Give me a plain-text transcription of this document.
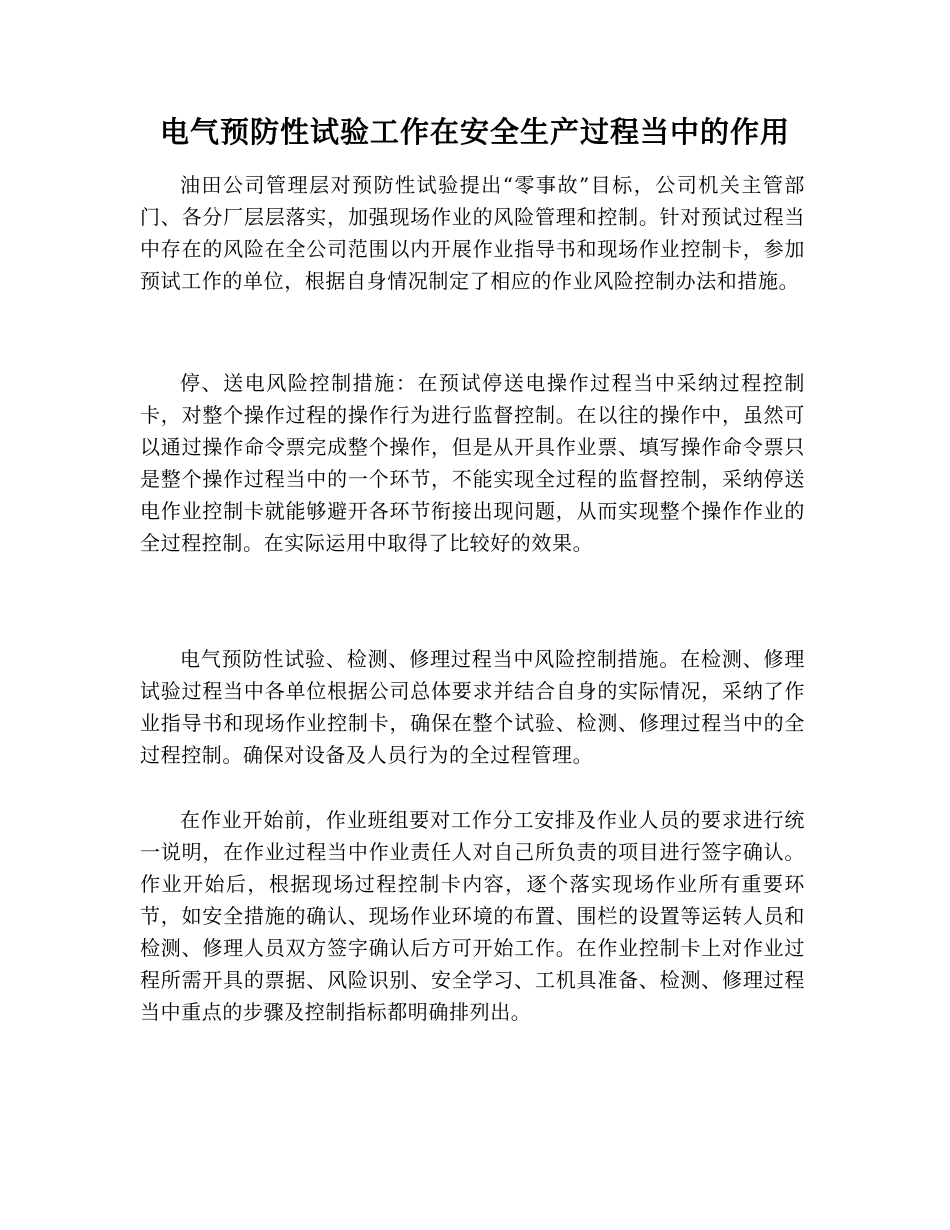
电气预防性试验工作在安全生产过程当中的作用

油田公司管理层对预防性试验提出“零事故”目标，公司机关主管部门、各分厂层层落实，加强现场作业的风险管理和控制。针对预试过程当中存在的风险在全公司范围以内开展作业指导书和现场作业控制卡，参加预试工作的单位，根据自身情况制定了相应的作业风险控制办法和措施。

停、送电风险控制措施：在预试停送电操作过程当中采纳过程控制卡，对整个操作过程的操作行为进行监督控制。在以往的操作中，虽然可以通过操作命令票完成整个操作，但是从开具作业票、填写操作命令票只是整个操作过程当中的一个环节，不能实现全过程的监督控制，采纳停送电作业控制卡就能够避开各环节衔接出现问题，从而实现整个操作作业的全过程控制。在实际运用中取得了比较好的效果。

电气预防性试验、检测、修理过程当中风险控制措施。在检测、修理试验过程当中各单位根据公司总体要求并结合自身的实际情况，采纳了作业指导书和现场作业控制卡，确保在整个试验、检测、修理过程当中的全过程控制。确保对设备及人员行为的全过程管理。

在作业开始前，作业班组要对工作分工安排及作业人员的要求进行统一说明，在作业过程当中作业责任人对自己所负责的项目进行签字确认。作业开始后，根据现场过程控制卡内容，逐个落实现场作业所有重要环节，如安全措施的确认、现场作业环境的布置、围栏的设置等运转人员和检测、修理人员双方签字确认后方可开始工作。在作业控制卡上对作业过程所需开具的票据、风险识别、安全学习、工机具准备、检测、修理过程当中重点的步骤及控制指标都明确排列出。
